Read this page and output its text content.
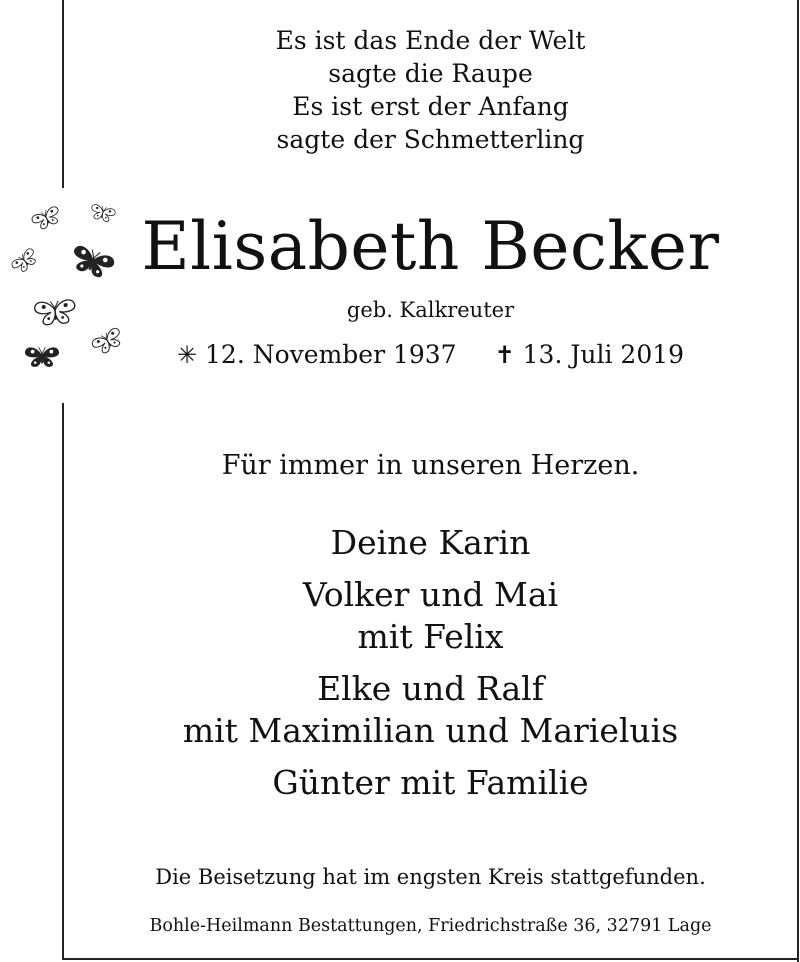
Es ist das Ende der Welt
sagte die Raupe
Es ist erst der Anfang
sagte der Schmetterling
Elisabeth Becker
geb. Kalkreuter
✳ 12. November 1937 ✝ 13. Juli 2019
Für immer in unseren Herzen.
Deine Karin
Volker und Mai
mit Felix
Elke und Ralf
mit Maximilian und Marieluis
Günter mit Familie
Die Beisetzung hat im engsten Kreis stattgefunden.
Bohle-Heilmann Bestattungen, Friedrichstraße 36, 32791 Lage
